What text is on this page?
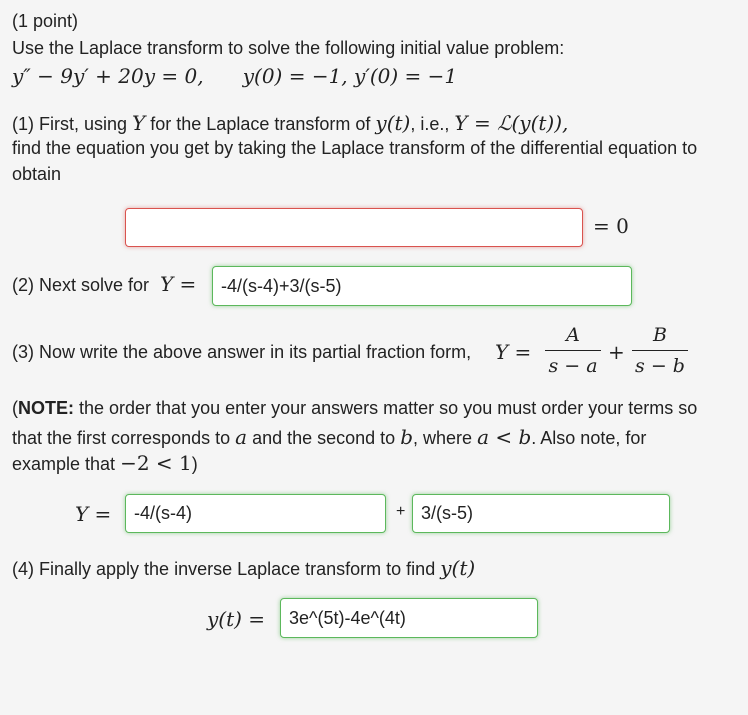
(1 point)
Use the Laplace transform to solve the following initial value problem:
y″ − 9y′ + 20y = 0, y(0) = −1, y′(0) = −1
(1) First, using Y for the Laplace transform of y(t), i.e., Y = ℒ(y(t)),
find the equation you get by taking the Laplace transform of the differential equation to
obtain
= 0
(2) Next solve for Y =	-4/(s-4)+3/(s-5)
(3) Now write the above answer in its partial fraction form, Y =
A
s − a
+
B
s − b
(NOTE: the order that you enter your answers matter so you must order your terms so
that the first corresponds to a and the second to b, where a < b. Also note, for
example that −2 < 1)
Y =	-4/(s-4)	+ 3/(s-5)
(4) Finally apply the inverse Laplace transform to find y(t)
y(t) =	3e^(5t)-4e^(4t)
